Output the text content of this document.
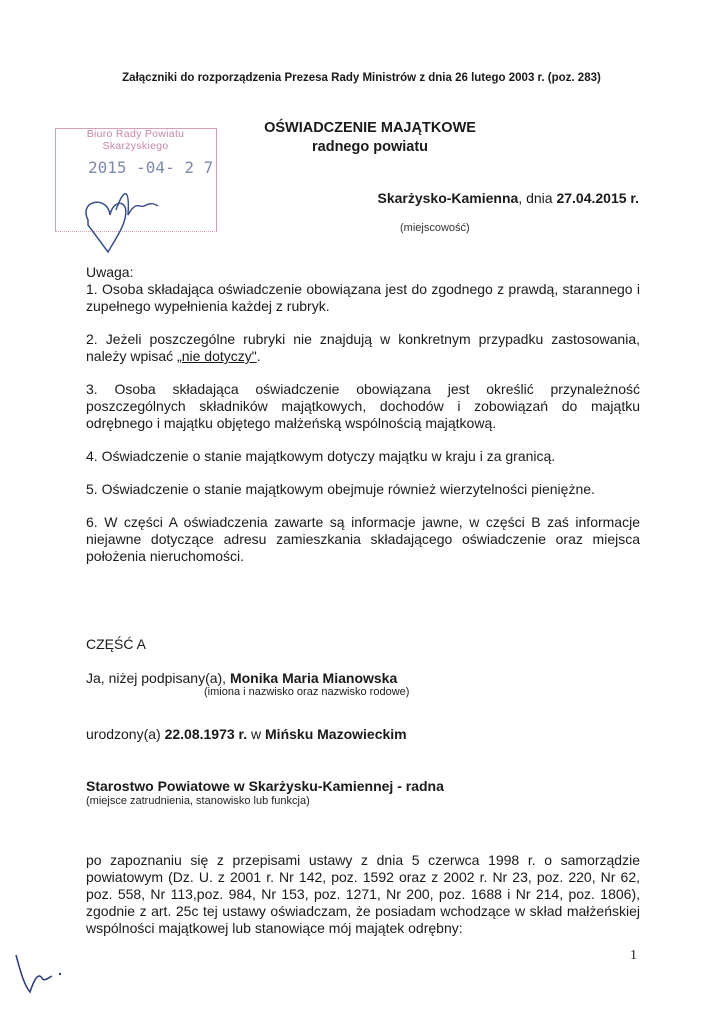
Załączniki do rozporządzenia Prezesa Rady Ministrów z dnia 26 lutego 2003 r. (poz. 283)
Biuro Rady Powiatu Skarżyskiego
2015 -04- 2 7
OŚWIADCZENIE MAJĄTKOWE
radnego powiatu
Skarżysko-Kamienna, dnia 27.04.2015 r.
(miejscowość)
Uwaga:

1. Osoba składająca oświadczenie obowiązana jest do zgodnego z prawdą, starannego i zupełnego wypełnienia każdej z rubryk.

2. Jeżeli poszczególne rubryki nie znajdują w konkretnym przypadku zastosowania, należy wpisać „nie dotyczy".

3. Osoba składająca oświadczenie obowiązana jest określić przynależność poszczególnych składników majątkowych, dochodów i zobowiązań do majątku odrębnego i majątku objętego małżeńską wspólnością majątkową.

4. Oświadczenie o stanie majątkowym dotyczy majątku w kraju i za granicą.

5. Oświadczenie o stanie majątkowym obejmuje również wierzytelności pieniężne.

6. W części A oświadczenia zawarte są informacje jawne, w części B zaś informacje niejawne dotyczące adresu zamieszkania składającego oświadczenie oraz miejsca położenia nieruchomości.

CZĘŚĆ A
Ja, niżej podpisany(a), Monika Maria Mianowska
(imiona i nazwisko oraz nazwisko rodowe)
urodzony(a) 22.08.1973 r. w Mińsku Mazowieckim
Starostwo Powiatowe w Skarżysku-Kamiennej - radna
(miejsce zatrudnienia, stanowisko lub funkcja)
po zapoznaniu się z przepisami ustawy z dnia 5 czerwca 1998 r. o samorządzie powiatowym (Dz. U. z 2001 r. Nr 142, poz. 1592 oraz z 2002 r. Nr 23, poz. 220, Nr 62, poz. 558, Nr 113,poz. 984, Nr 153, poz. 1271, Nr 200, poz. 1688 i Nr 214, poz. 1806), zgodnie z art. 25c tej ustawy oświadczam, że posiadam wchodzące w skład małżeńskiej wspólności majątkowej lub stanowiące mój majątek odrębny:
1
